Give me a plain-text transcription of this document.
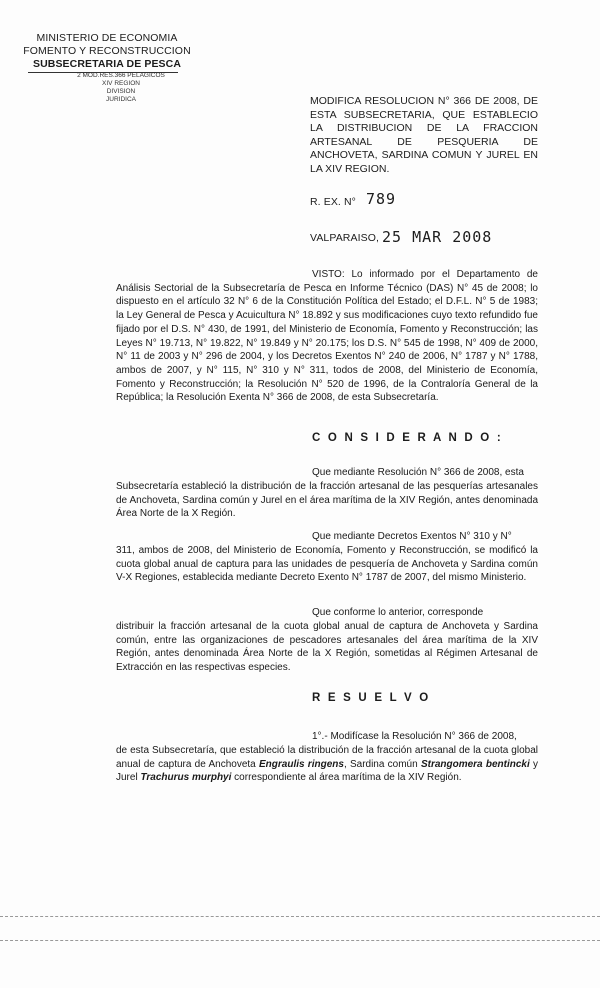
MINISTERIO DE ECONOMIA
FOMENTO Y RECONSTRUCCION
SUBSECRETARIA DE PESCA
2 MOD.RES.366 PELAGICOS
XIV REGION
DIVISION
JURIDICA	MODIFICA RESOLUCION N° 366 DE 2008, DE ESTA SUBSECRETARIA, QUE ESTABLECIO LA DISTRIBUCION DE LA FRACCION ARTESANAL DE PESQUERIA DE ANCHOVETA, SARDINA COMUN Y JUREL EN LA XIV REGION.
R. EX. N° 789
VALPARAISO, 25 MAR 2008
VISTO: Lo informado por el Departamento de Análisis Sectorial de la Subsecretaría de Pesca en Informe Técnico (DAS) N° 45 de 2008; lo dispuesto en el artículo 32 N° 6 de la Constitución Política del Estado; el D.F.L. N° 5 de 1983; la Ley General de Pesca y Acuicultura N° 18.892 y sus modificaciones cuyo texto refundido fue fijado por el D.S. N° 430, de 1991, del Ministerio de Economía, Fomento y Reconstrucción; las Leyes N° 19.713, N° 19.822, N° 19.849 y N° 20.175; los D.S. N° 545 de 1998, N° 409 de 2000, N° 11 de 2003 y N° 296 de 2004, y los Decretos Exentos N° 240 de 2006, N° 1787 y N° 1788, ambos de 2007, y N° 115, N° 310 y N° 311, todos de 2008, del Ministerio de Economía, Fomento y Reconstrucción; la Resolución N° 520 de 1996, de la Contraloría General de la República; la Resolución Exenta N° 366 de 2008, de esta Subsecretaría.
C O N S I D E R A N D O :
Que mediante Resolución N° 366 de 2008, esta
Subsecretaría estableció la distribución de la fracción artesanal de las pesquerías artesanales de Anchoveta, Sardina común y Jurel en el área marítima de la XIV Región, antes denominada Área Norte de la X Región.
Que mediante Decretos Exentos N° 310 y N°
311, ambos de 2008, del Ministerio de Economía, Fomento y Reconstrucción, se modificó la cuota global anual de captura para las unidades de pesquería de Anchoveta y Sardina común V-X Regiones, establecida mediante Decreto Exento N° 1787 de 2007, del mismo Ministerio.
Que conforme lo anterior, corresponde
distribuir la fracción artesanal de la cuota global anual de captura de Anchoveta y Sardina común, entre las organizaciones de pescadores artesanales del área marítima de la XIV Región, antes denominada Área Norte de la X Región, sometidas al Régimen Artesanal de Extracción en las respectivas especies.
R E S U E L V O
1°.- Modifícase la Resolución N° 366 de 2008,
de esta Subsecretaría, que estableció la distribución de la fracción artesanal de la cuota global anual de captura de Anchoveta Engraulis ringens, Sardina común Strangomera bentincki y Jurel Trachurus murphyi correspondiente al área marítima de la XIV Región.
